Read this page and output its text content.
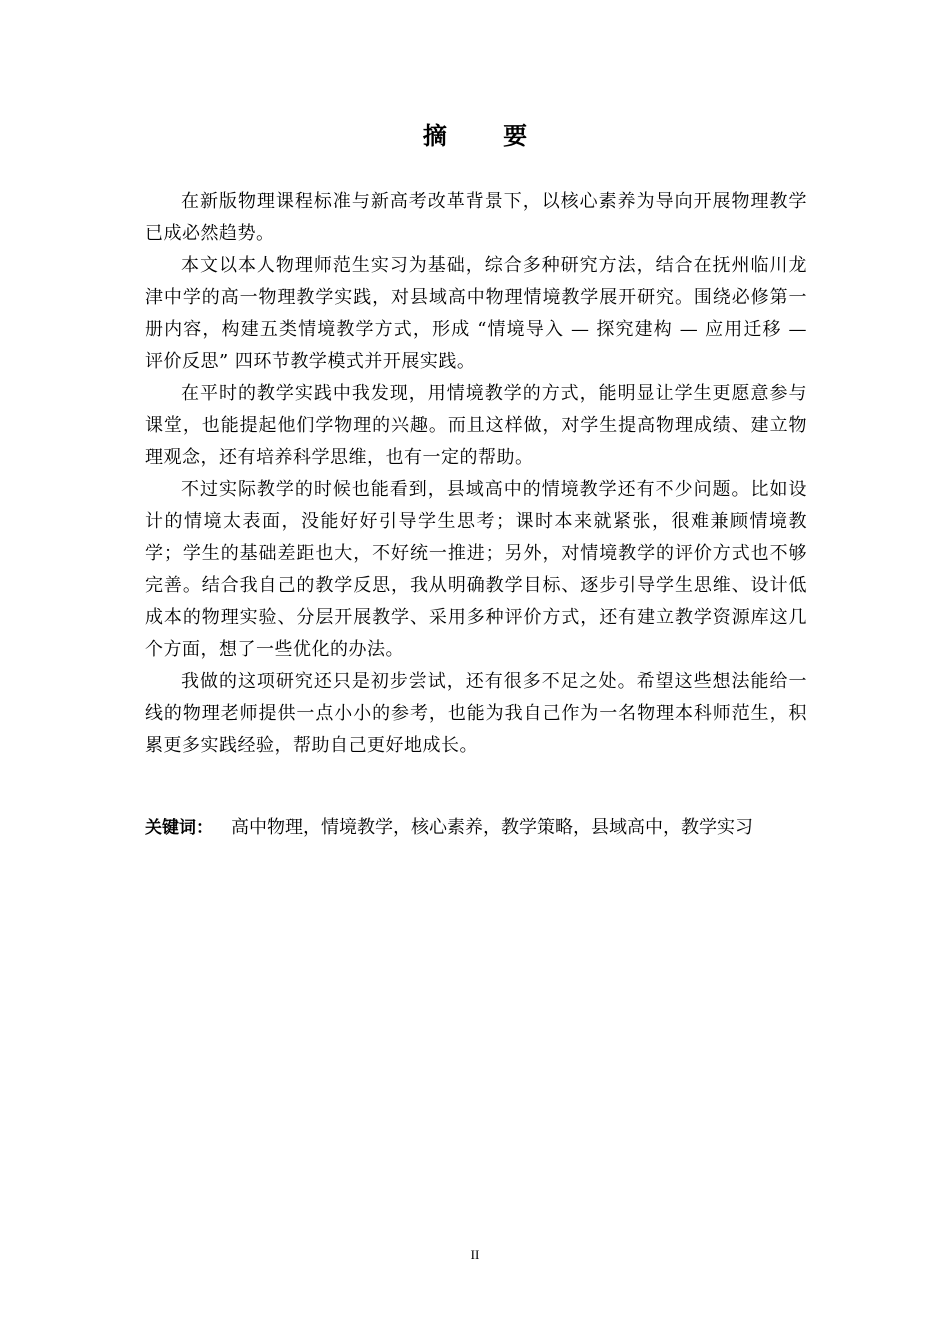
摘 要

在新版物理课程标准与新高考改革背景下，以核心素养为导向开展物理教学已成必然趋势。

本文以本人物理师范生实习为基础，综合多种研究方法，结合在抚州临川龙津中学的高一物理教学实践，对县域高中物理情境教学展开研究。围绕必修第一册内容，构建五类情境教学方式，形成 “情境导入 — 探究建构 — 应用迁移 — 评价反思” 四环节教学模式并开展实践。

在平时的教学实践中我发现，用情境教学的方式，能明显让学生更愿意参与课堂，也能提起他们学物理的兴趣。而且这样做，对学生提高物理成绩、建立物理观念，还有培养科学思维，也有一定的帮助。

不过实际教学的时候也能看到，县域高中的情境教学还有不少问题。比如设计的情境太表面，没能好好引导学生思考；课时本来就紧张，很难兼顾情境教学；学生的基础差距也大，不好统一推进；另外，对情境教学的评价方式也不够完善。结合我自己的教学反思，我从明确教学目标、逐步引导学生思维、设计低成本的物理实验、分层开展教学、采用多种评价方式，还有建立教学资源库这几个方面，想了一些优化的办法。

我做的这项研究还只是初步尝试，还有很多不足之处。希望这些想法能给一线的物理老师提供一点小小的参考，也能为我自己作为一名物理本科师范生，积累更多实践经验，帮助自己更好地成长。

关键词： 高中物理，情境教学，核心素养，教学策略，县域高中，教学实习
II
